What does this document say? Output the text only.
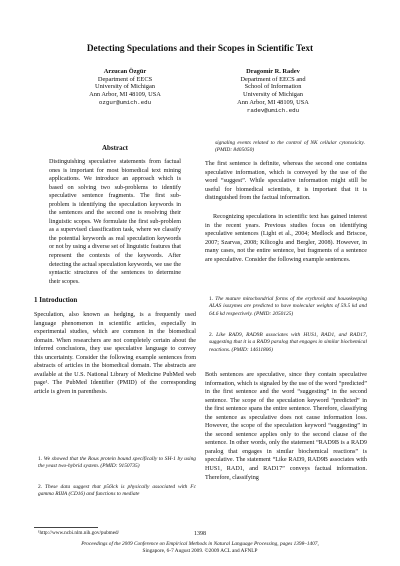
Detecting Speculations and their Scopes in Scientific Text
Arzucan Özgür
Department of EECS
University of Michigan
Ann Arbor, MI 48109, USA
ozgur@umich.edu
Dragomir R. Radev
Department of EECS and
School of Information
University of Michigan
Ann Arbor, MI 48109, USA
radev@umich.edu
Abstract

Distinguishing speculative statements from factual ones is important for most biomedical text mining applications. We introduce an approach which is based on solving two sub-problems to identify speculative sentence fragments. The first sub-problem is identifying the speculation keywords in the sentences and the second one is resolving their linguistic scopes. We formulate the first sub-problem as a supervised classification task, where we classify the potential keywords as real speculation keywords or not by using a diverse set of linguistic features that represent the contexts of the keywords. After detecting the actual speculation keywords, we use the syntactic structures of the sentences to determine their scopes.

1 Introduction

Speculation, also known as hedging, is a frequently used language phenomenon in scientific articles, especially in experimental studies, which are common in the biomedical domain. When researchers are not completely certain about the inferred conclusions, they use speculative language to convey this uncertainty. Consider the following example sentences from abstracts of articles in the biomedical domain. The abstracts are available at the U.S. National Library of Medicine PubMed web page¹. The PubMed Identifier (PMID) of the corresponding article is given in parenthesis.

1. We showed that the Rous protein bound specifically to SH-1 by using the yeast two-hybrid system. (PMID: 9150735)
2. These data suggest that p56lck is physically associated with Fc gamma RIIIA (CD16) and functions to mediate
¹http://www.ncbi.nlm.nih.gov/pubmed/
signaling events related to the control of NK cellular cytotoxicity. (PMID: 8405050)

The first sentence is definite, whereas the second one contains speculative information, which is conveyed by the use of the word “suggest”. While speculative information might still be useful for biomedical scientists, it is important that it is distinguished from the factual information.

Recognizing speculations in scientific text has gained interest in the recent years. Previous studies focus on identifying speculative sentences (Light et al., 2004; Medlock and Briscoe, 2007; Szarvas, 2008; Kilicoglu and Bergler, 2008). However, in many cases, not the entire sentence, but fragments of a sentence are speculative. Consider the following example sentences.

1. The mature mitochondrial forms of the erythroid and housekeeping ALAS isozymes are predicted to have molecular weights of 59.5 kd and 64.6 kd respectively. (PMID: 2050125)
2. Like RAD9, RAD9B associates with HUS1, RAD1, and RAD17, suggesting that it is a RAD9 paralog that engages in similar biochemical reactions. (PMID: 14611806)

Both sentences are speculative, since they contain speculative information, which is signaled by the use of the word “predicted” in the first sentence and the word “suggesting” in the second sentence. The scope of the speculation keyword “predicted” in the first sentence spans the entire sentence. Therefore, classifying the sentence as speculative does not cause information loss. However, the scope of the speculation keyword “suggesting” in the second sentence applies only to the second clause of the sentence. In other words, only the statement “RAD9B is a RAD9 paralog that engages in similar biochemical reactions” is speculative. The statement “Like RAD9, RAD9B associates with HUS1, RAD1, and RAD17” conveys factual information. Therefore, classifying

1398
Proceedings of the 2009 Conference on Empirical Methods in Natural Language Processing, pages 1398–1407,
Singapore, 6-7 August 2009. ©2009 ACL and AFNLP
